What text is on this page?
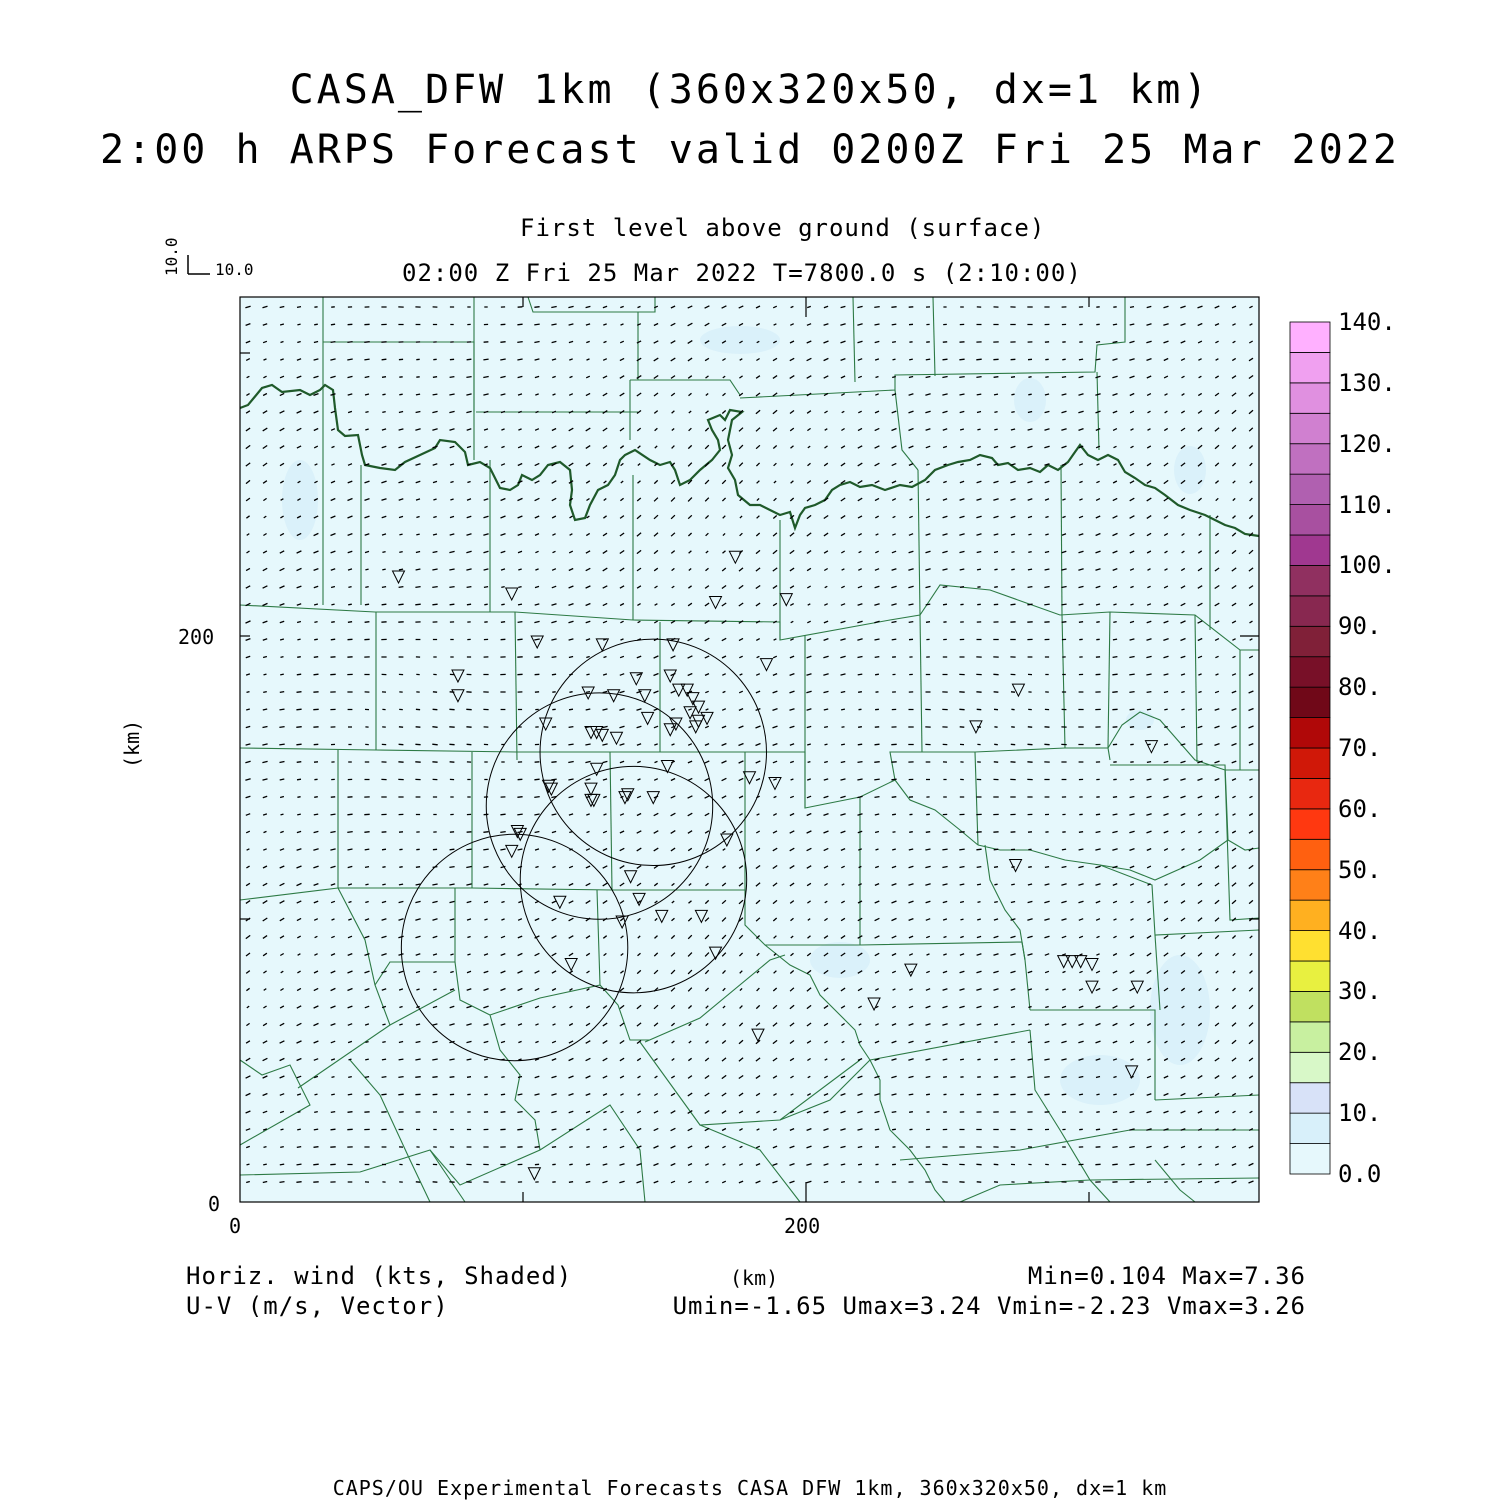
CASA_DFW 1km (360x320x50, dx=1 km)
2:00 h ARPS Forecast valid 0200Z Fri 25 Mar 2022
First level above ground (surface)
02:00 Z Fri 25 Mar 2022 T=7800.0 s (2:10:00)
10.0
10.0
0	200
0
200
(km)
(km)
0.0
10.
20.
30.
40.
50.
60.
70.
80.
90.
100.
110.
120.
130.
140.
Horiz. wind (kts, Shaded)
U-V (m/s, Vector)
Min=0.104 Max=7.36
Umin=-1.65 Umax=3.24 Vmin=-2.23 Vmax=3.26
CAPS/OU Experimental Forecasts CASA DFW 1km, 360x320x50, dx=1 km
